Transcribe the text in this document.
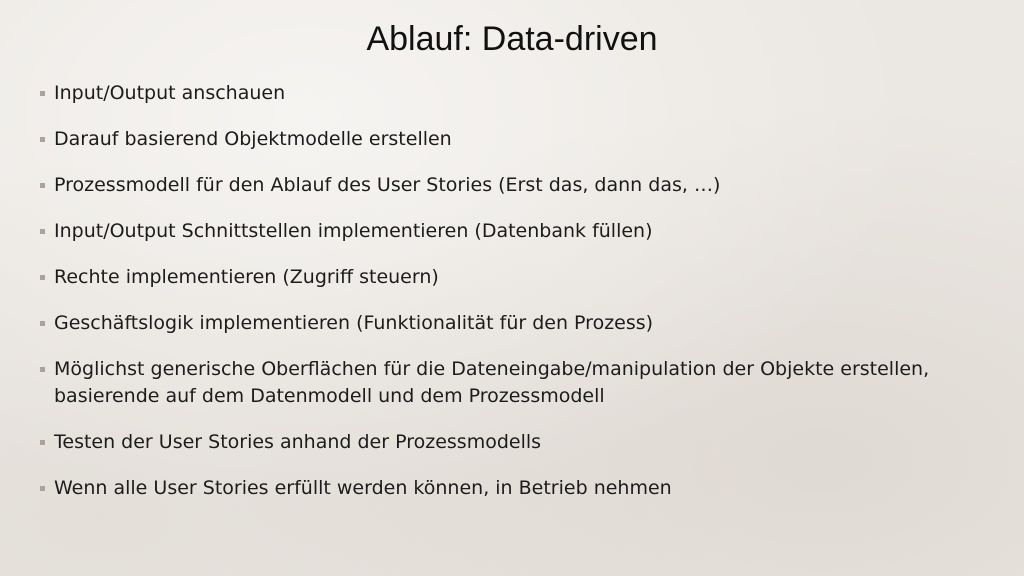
Ablauf: Data-driven
Input/Output anschauen
Darauf basierend Objektmodelle erstellen
Prozessmodell für den Ablauf des User Stories (Erst das, dann das, …)
Input/Output Schnittstellen implementieren (Datenbank füllen)
Rechte implementieren (Zugriff steuern)
Geschäftslogik implementieren (Funktionalität für den Prozess)
Möglichst generische Oberflächen für die Dateneingabe/manipulation der Objekte erstellen, basierende auf dem Datenmodell und dem Prozessmodell
Testen der User Stories anhand der Prozessmodells
Wenn alle User Stories erfüllt werden können, in Betrieb nehmen
